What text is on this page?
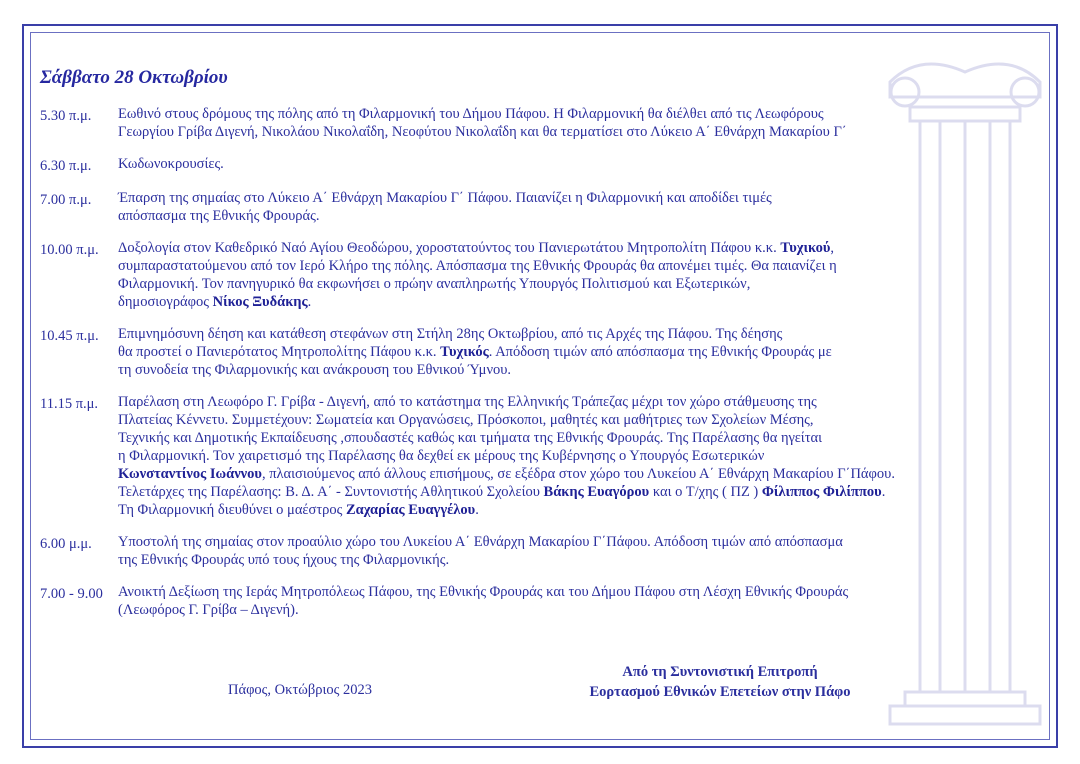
Σάββατο 28 Οκτωβρίου
5.30 π.μ.	Εωθινό στους δρόμους της πόλης από τη Φιλαρμονική του Δήμου Πάφου. Η Φιλαρμονική θα διέλθει από τις Λεωφόρους
Γεωργίου Γρίβα Διγενή, Νικολάου Νικολαΐδη, Νεοφύτου Νικολαΐδη και θα τερματίσει στο Λύκειο Α΄ Εθνάρχη Μακαρίου Γ΄
6.30 π.μ.	Κωδωνοκρουσίες.
7.00 π.μ.	Έπαρση της σημαίας στο Λύκειο Α΄ Εθνάρχη Μακαρίου Γ΄ Πάφου. Παιανίζει η Φιλαρμονική και αποδίδει τιμές
απόσπασμα της Εθνικής Φρουράς.
10.00 π.μ.	Δοξολογία στον Καθεδρικό Ναό Αγίου Θεοδώρου, χοροστατούντος του Πανιερωτάτου Μητροπολίτη Πάφου κ.κ. Τυχικού,
συμπαραστατούμενου από τον Ιερό Κλήρο της πόλης. Απόσπασμα της Εθνικής Φρουράς θα απονέμει τιμές. Θα παιανίζει η
Φιλαρμονική. Τον πανηγυρικό θα εκφωνήσει ο πρώην αναπληρωτής Υπουργός Πολιτισμού και Εξωτερικών,
δημοσιογράφος Νίκος Ξυδάκης.
10.45 π.μ.	Επιμνημόσυνη δέηση και κατάθεση στεφάνων στη Στήλη 28ης Οκτωβρίου, από τις Αρχές της Πάφου. Της δέησης
θα προστεί ο Πανιερότατος Μητροπολίτης Πάφου κ.κ. Τυχικός. Απόδοση τιμών από απόσπασμα της Εθνικής Φρουράς με
τη συνοδεία της Φιλαρμονικής και ανάκρουση του Εθνικού Ύμνου.
11.15 π.μ.	Παρέλαση στη Λεωφόρο Γ. Γρίβα - Διγενή, από το κατάστημα της Ελληνικής Τράπεζας μέχρι τον χώρο στάθμευσης της
Πλατείας Κέννετυ. Συμμετέχουν: Σωματεία και Οργανώσεις, Πρόσκοποι, μαθητές και μαθήτριες των Σχολείων Μέσης,
Τεχνικής και Δημοτικής Εκπαίδευσης ,σπουδαστές καθώς και τμήματα της Εθνικής Φρουράς. Της Παρέλασης θα ηγείται
η Φιλαρμονική. Τον χαιρετισμό της Παρέλασης θα δεχθεί εκ μέρους της Κυβέρνησης ο Υπουργός Εσωτερικών
Κωνσταντίνος Ιωάννου, πλαισιούμενος από άλλους επισήμους, σε εξέδρα στον χώρο του Λυκείου Α΄ Εθνάρχη Μακαρίου Γ΄Πάφου.
Τελετάρχες της Παρέλασης: Β. Δ. Α΄ - Συντονιστής Αθλητικού Σχολείου Βάκης Ευαγόρου και ο Τ/χης ( ΠΖ ) Φίλιππος Φιλίππου.
Τη Φιλαρμονική διευθύνει ο μαέστρος Ζαχαρίας Ευαγγέλου.
6.00 μ.μ.	Υποστολή της σημαίας στον προαύλιο χώρο του Λυκείου Α΄ Εθνάρχη Μακαρίου Γ΄Πάφου. Απόδοση τιμών από απόσπασμα
της Εθνικής Φρουράς υπό τους ήχους της Φιλαρμονικής.
7.00 - 9.00	Ανοικτή Δεξίωση της Ιεράς Μητροπόλεως Πάφου, της Εθνικής Φρουράς και του Δήμου Πάφου στη Λέσχη Εθνικής Φρουράς
(Λεωφόρος Γ. Γρίβα – Διγενή).
Πάφος, Οκτώβριος 2023
Από τη Συντονιστική Επιτροπή
Εορτασμού Εθνικών Επετείων στην Πάφο
